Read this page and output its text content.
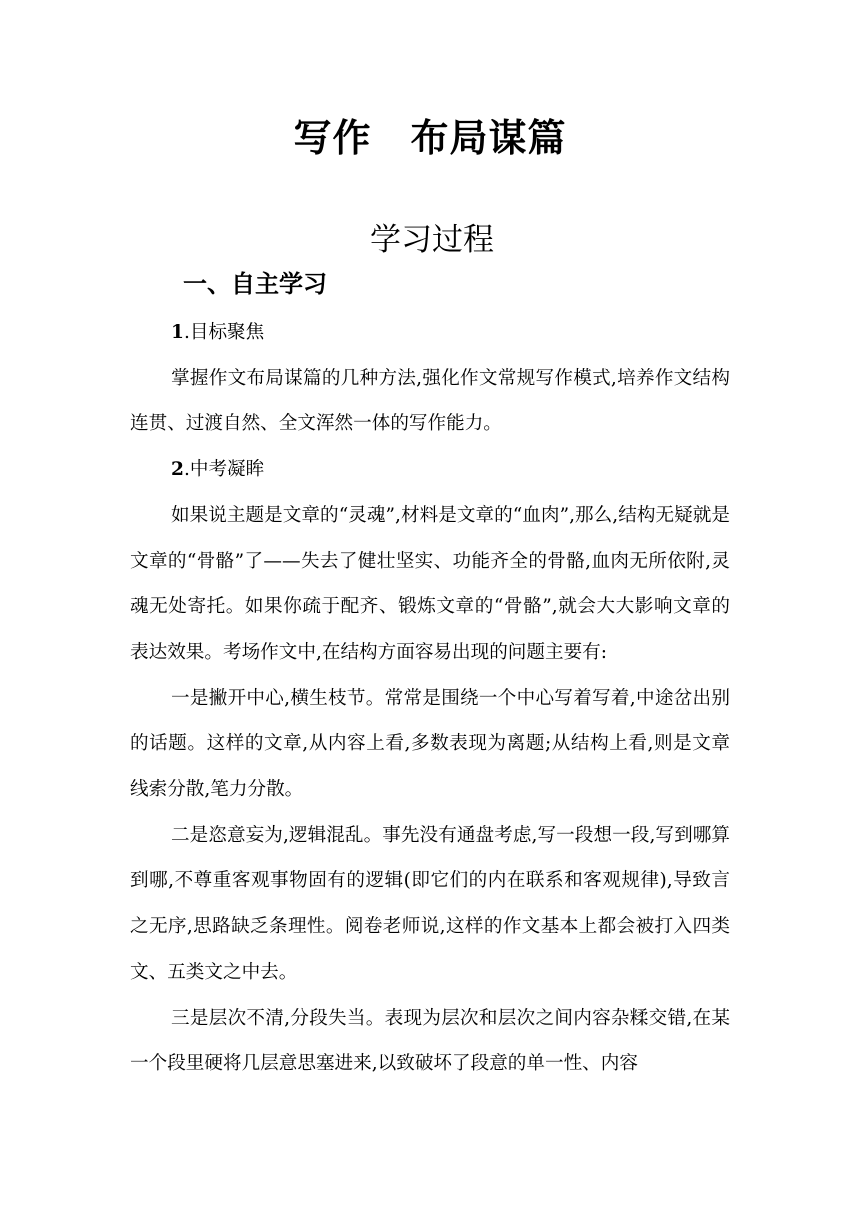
写作　布局谋篇
学习过程
一、自主学习

1.目标聚焦

掌握作文布局谋篇的几种方法,强化作文常规写作模式,培养作文结构连贯、过渡自然、全文浑然一体的写作能力。

2.中考凝眸

如果说主题是文章的“灵魂”,材料是文章的“血肉”,那么,结构无疑就是文章的“骨骼”了——失去了健壮坚实、功能齐全的骨骼,血肉无所依附,灵魂无处寄托。如果你疏于配齐、锻炼文章的“骨骼”,就会大大影响文章的表达效果。考场作文中,在结构方面容易出现的问题主要有:

一是撇开中心,横生枝节。常常是围绕一个中心写着写着,中途岔出别的话题。这样的文章,从内容上看,多数表现为离题;从结构上看,则是文章线索分散,笔力分散。

二是恣意妄为,逻辑混乱。事先没有通盘考虑,写一段想一段,写到哪算到哪,不尊重客观事物固有的逻辑(即它们的内在联系和客观规律),导致言之无序,思路缺乏条理性。阅卷老师说,这样的作文基本上都会被打入四类文、五类文之中去。

三是层次不清,分段失当。表现为层次和层次之间内容杂糅交错,在某一个段里硬将几层意思塞进来,以致破坏了段意的单一性、内容
